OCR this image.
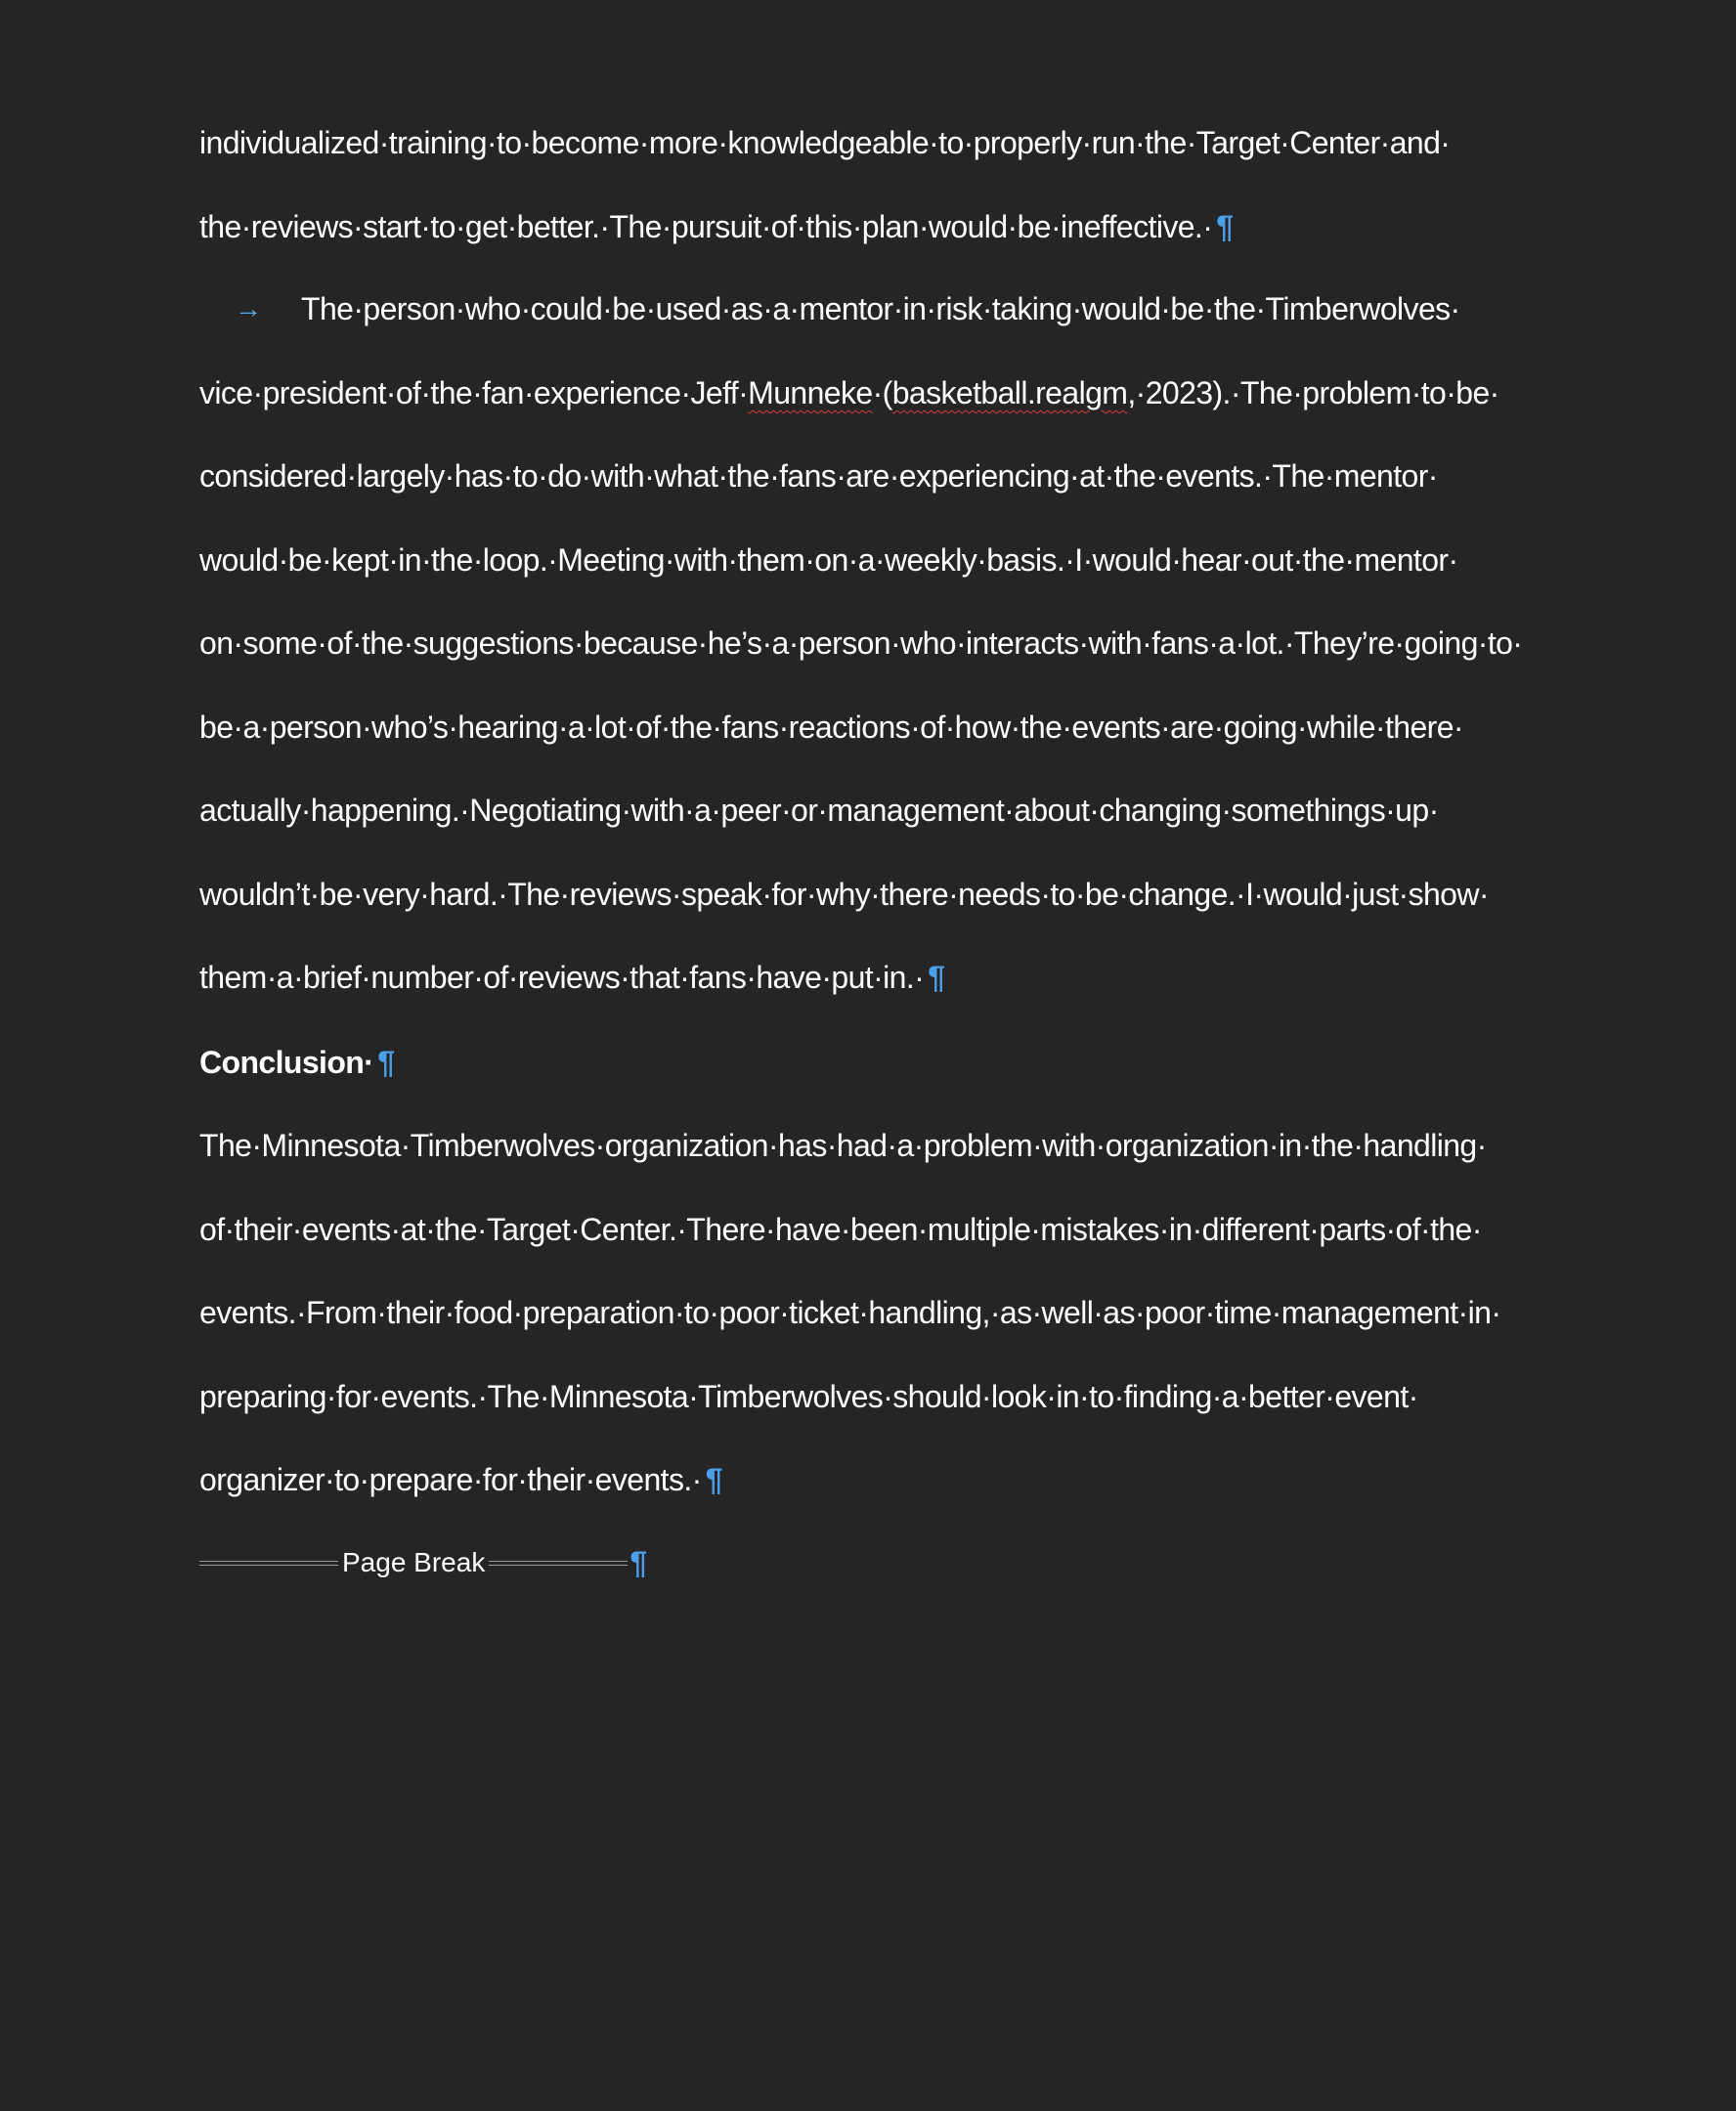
individualized·training·to·become·more·knowledgeable·to·properly·run·the·Target·Center·and·
the·reviews·start·to·get·better.·The·pursuit·of·this·plan·would·be·ineffective.· ¶
→ The·person·who·could·be·used·as·a·mentor·in·risk·taking·would·be·the·Timberwolves·
vice·president·of·the·fan·experience·Jeff·Munneke·(basketball.realgm,·2023).·The·problem·to·be·
considered·largely·has·to·do·with·what·the·fans·are·experiencing·at·the·events.·The·mentor·
would·be·kept·in·the·loop.·Meeting·with·them·on·a·weekly·basis.·I·would·hear·out·the·mentor·
on·some·of·the·suggestions·because·he’s·a·person·who·interacts·with·fans·a·lot.·They’re·going·to·
be·a·person·who’s·hearing·a·lot·of·the·fans·reactions·of·how·the·events·are·going·while·there·
actually·happening.·Negotiating·with·a·peer·or·management·about·changing·somethings·up·
wouldn’t·be·very·hard.·The·reviews·speak·for·why·there·needs·to·be·change.·I·would·just·show·
them·a·brief·number·of·reviews·that·fans·have·put·in.· ¶
Conclusion· ¶
The·Minnesota·Timberwolves·organization·has·had·a·problem·with·organization·in·the·handling·
of·their·events·at·the·Target·Center.·There·have·been·multiple·mistakes·in·different·parts·of·the·
events.·From·their·food·preparation·to·poor·ticket·handling,·as·well·as·poor·time·management·in·
preparing·for·events.·The·Minnesota·Timberwolves·should·look·in·to·finding·a·better·event·
organizer·to·prepare·for·their·events.· ¶
Page Break	¶
